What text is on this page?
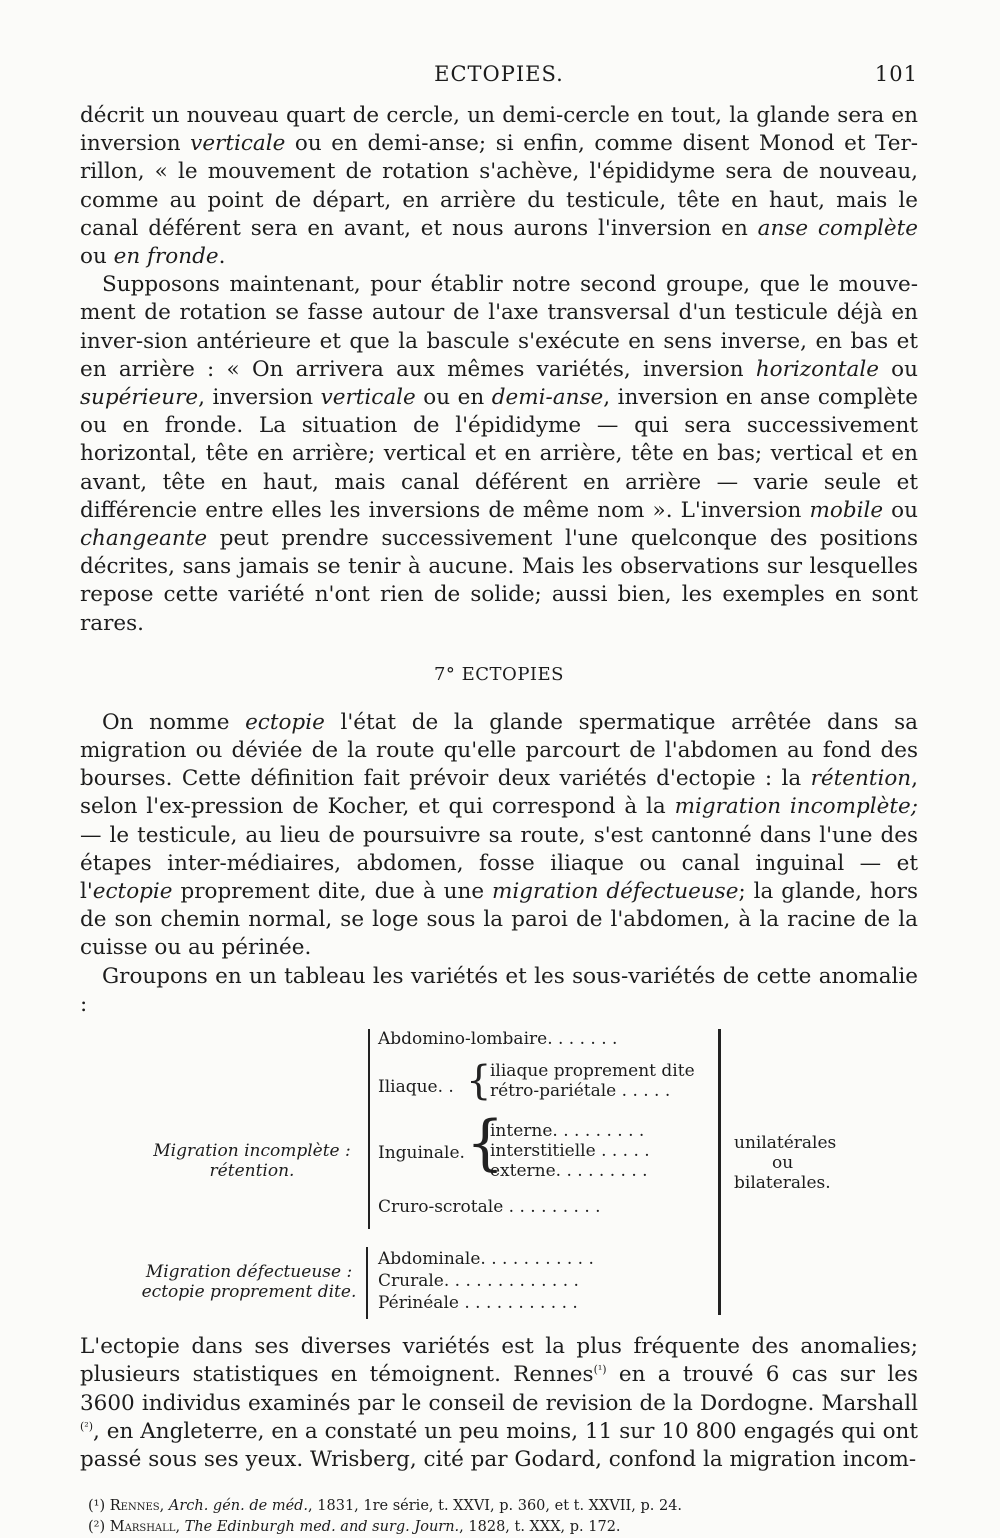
ECTOPIES.	101

décrit un nouveau quart de cercle, un demi-cercle en tout, la glande sera en inversion verticale ou en demi-anse; si enfin, comme disent Monod et Ter-rillon, « le mouvement de rotation s'achève, l'épididyme sera de nouveau, comme au point de départ, en arrière du testicule, tête en haut, mais le canal déférent sera en avant, et nous aurons l'inversion en anse complète ou en fronde.

Supposons maintenant, pour établir notre second groupe, que le mouve-ment de rotation se fasse autour de l'axe transversal d'un testicule déjà en inver-sion antérieure et que la bascule s'exécute en sens inverse, en bas et en arrière : « On arrivera aux mêmes variétés, inversion horizontale ou supérieure, inversion verticale ou en demi-anse, inversion en anse complète ou en fronde. La situation de l'épididyme — qui sera successivement horizontal, tête en arrière; vertical et en arrière, tête en bas; vertical et en avant, tête en haut, mais canal déférent en arrière — varie seule et différencie entre elles les inversions de même nom ». L'inversion mobile ou changeante peut prendre successivement l'une quelconque des positions décrites, sans jamais se tenir à aucune. Mais les observations sur lesquelles repose cette variété n'ont rien de solide; aussi bien, les exemples en sont rares.

7° ECTOPIES

On nomme ectopie l'état de la glande spermatique arrêtée dans sa migration ou déviée de la route qu'elle parcourt de l'abdomen au fond des bourses. Cette définition fait prévoir deux variétés d'ectopie : la rétention, selon l'ex-pression de Kocher, et qui correspond à la migration incomplète; — le testicule, au lieu de poursuivre sa route, s'est cantonné dans l'une des étapes inter-médiaires, abdomen, fosse iliaque ou canal inguinal — et l'ectopie proprement dite, due à une migration défectueuse; la glande, hors de son chemin normal, se loge sous la paroi de l'abdomen, à la racine de la cuisse ou au périnée.

Groupons en un tableau les variétés et les sous-variétés de cette anomalie :

Migration incomplète :
rétention.
Migration défectueuse :
ectopie proprement dite.
Abdomino-lombaire. . . . . . .
Iliaque. . {
iliaque proprement dite
rétro-pariétale . . . . .
Inguinale. {
interne. . . . . . . . .
interstitielle . . . . .
externe. . . . . . . . .
Cruro-scrotale . . . . . . . . .
Abdominale. . . . . . . . . . .
Crurale. . . . . . . . . . . . .
Périnéale . . . . . . . . . . .
unilatérales
ou
bilaterales.

L'ectopie dans ses diverses variétés est la plus fréquente des anomalies; plusieurs statistiques en témoignent. Rennes$^{(^1)}$ en a trouvé 6 cas sur les 3600 individus examinés par le conseil de revision de la Dordogne. Marshall $^{(^2)}$, en Angleterre, en a constaté un peu moins, 11 sur 10 800 engagés qui ont passé sous ses yeux. Wrisberg, cité par Godard, confond la migration incom-

(¹) Rennes, Arch. gén. de méd., 1831, 1re série, t. XXVI, p. 360, et t. XXVII, p. 24.
(²) Marshall, The Edinburgh med. and surg. Journ., 1828, t. XXX, p. 172.
